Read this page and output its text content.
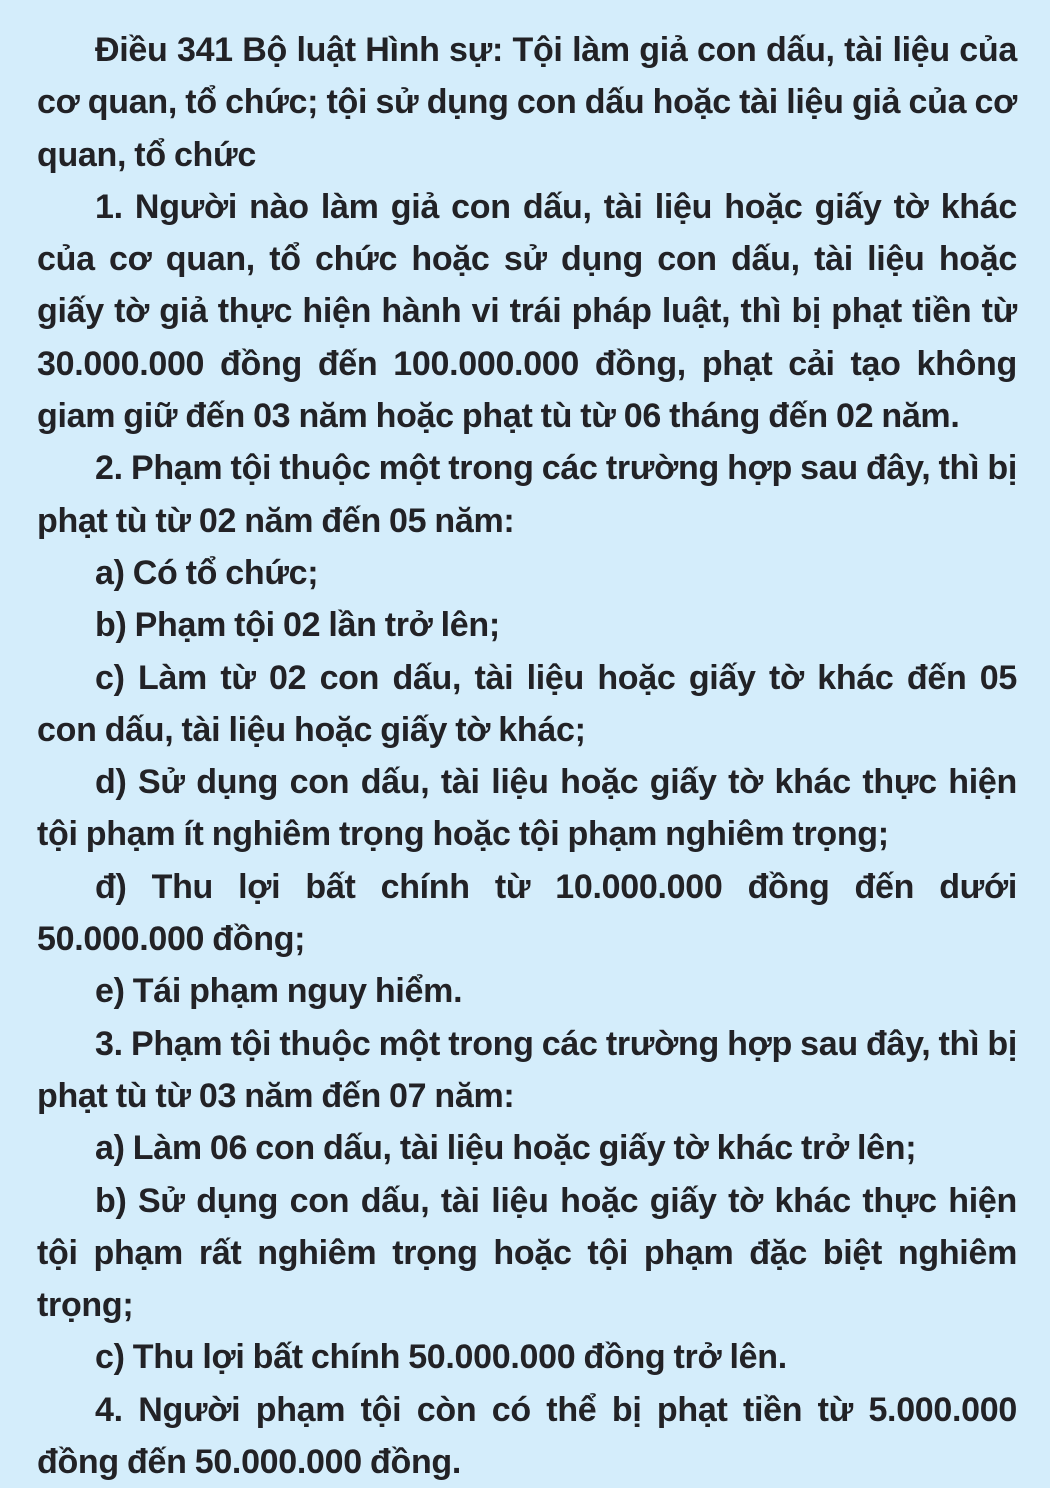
Điều 341 Bộ luật Hình sự: Tội làm giả con dấu, tài liệu của cơ quan, tổ chức; tội sử dụng con dấu hoặc tài liệu giả của cơ quan, tổ chức

1. Người nào làm giả con dấu, tài liệu hoặc giấy tờ khác của cơ quan, tổ chức hoặc sử dụng con dấu, tài liệu hoặc giấy tờ giả thực hiện hành vi trái pháp luật, thì bị phạt tiền từ 30.000.000 đồng đến 100.000.000 đồng, phạt cải tạo không giam giữ đến 03 năm hoặc phạt tù từ 06 tháng đến 02 năm.

2. Phạm tội thuộc một trong các trường hợp sau đây, thì bị phạt tù từ 02 năm đến 05 năm:

a) Có tổ chức;

b) Phạm tội 02 lần trở lên;

c) Làm từ 02 con dấu, tài liệu hoặc giấy tờ khác đến 05 con dấu, tài liệu hoặc giấy tờ khác;

d) Sử dụng con dấu, tài liệu hoặc giấy tờ khác thực hiện tội phạm ít nghiêm trọng hoặc tội phạm nghiêm trọng;

đ) Thu lợi bất chính từ 10.000.000 đồng đến dưới 50.000.000 đồng;

e) Tái phạm nguy hiểm.

3. Phạm tội thuộc một trong các trường hợp sau đây, thì bị phạt tù từ 03 năm đến 07 năm:

a) Làm 06 con dấu, tài liệu hoặc giấy tờ khác trở lên;

b) Sử dụng con dấu, tài liệu hoặc giấy tờ khác thực hiện tội phạm rất nghiêm trọng hoặc tội phạm đặc biệt nghiêm trọng;

c) Thu lợi bất chính 50.000.000 đồng trở lên.

4. Người phạm tội còn có thể bị phạt tiền từ 5.000.000 đồng đến 50.000.000 đồng.
